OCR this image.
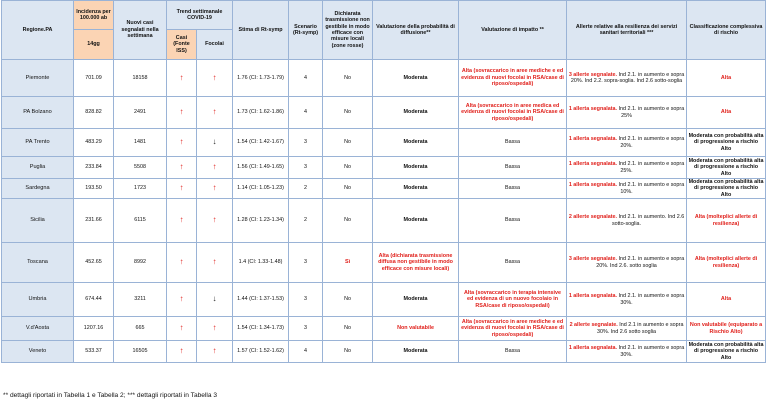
Regione.PA	Incidenza per 100.000 ab	Nuovi casi segnalati nella settimana	Trend settimanale COVID-19		Stima di Rt-symp	Scenario (Rt-symp)	Dichiarata trasmissione non gestibile in modo efficace con misure locali (zone rosse)	Valutazione della probabilità di diffusione**	Valutazione di impatto **	Allerte relative alla resilienza dei servizi sanitari territoriali ***	Classificazione complessiva di rischio
	14gg		Casi (Fonte ISS)	Focolai							
Piemonte	701.09	18158	↑	↑	1.76 (CI: 1.73-1.79)	4	No	Moderata	Alta (sovraccarico in aree mediche e ed evidenza di nuovi focolai in RSA/case di riposo/ospedali)	3 allerte segnalate. Ind 2.1. in aumento e sopra 20%. Ind 2.2. sopra-soglia. Ind 2.6 sotto-soglia	Alta
PA Bolzano	828.82	2491	↑	↑	1.73 (CI: 1.62-1.86)	4	No	Moderata	Alta (sovraccarico in aree medica ed evidenza di nuovi focolai in RSA/case di riposo/ospedali)	1 allerta segnalata. Ind 2.1. in aumento e sopra 25%	Alta
PA Trento	483.29	1481	↑	↓	1.54 (CI: 1.42-1.67)	3	No	Moderata	Bassa	1 allerta segnalata. Ind 2.1. in aumento e sopra 20%.	Moderata con probabilità alta di progressione a rischio Alto
Puglia	233.84	5508	↑	↑	1.56 (CI: 1.49-1.65)	3	No	Moderata	Bassa	1 allerta segnalata. Ind 2.1. in aumento e sopra 25%.	Moderata con probabilità alta di progressione a rischio Alto
Sardegna	193.50	1723	↑	↑	1.14 (CI: 1.05-1.23)	2	No	Moderata	Bassa	1 allerta segnalata. Ind 2.1. in aumento e sopra 10%.	Moderata con probabilità alta di progressione a rischio Alto
Sicilia	231.66	6115	↑	↑	1.28 (CI: 1.23-1.34)	2	No	Moderata	Bassa	2 allerte segnalate. Ind 2.1. in aumento. Ind 2.6 sotto-soglia.	Alta (molteplici allerte di resilienza)
Toscana	452.65	8992	↑	↑	1.4 (CI: 1.33-1.48)	3	Sì	Alta (dichiarata trasmissione diffusa non gestibile in modo efficace con misure locali)	Bassa	3 allerte segnalate. Ind 2.1. in aumento e sopra 20%. Ind 2.6. sotto soglia	Alta (molteplici allerte di resilienza)
Umbria	674.44	3211	↑	↓	1.44 (CI: 1.37-1.53)	3	No	Moderata	Alta (sovraccarico in terapia intensive ed evidenza di un nuovo focolaio in RSA/case di riposo/ospedali)	1 allerta segnalata. Ind 2.1. in aumento e sopra 30%.	Alta
V.d'Aosta	1207.16	665	↑	↑	1.54 (CI: 1.34-1.73)	3	No	Non valutabile	Alta (sovraccarico in aree mediche e ed evidenza di nuovi focolai in RSA/case di riposo/ospedali)	2 allerte segnalate. Ind 2.1 in aumento e sopra 30%. Ind 2.6 sotto soglia	Non valutabile (equiparato a Rischio Alto)
Veneto	533.37	16505	↑	↑	1.57 (CI: 1.52-1.62)	4	No	Moderata	Bassa	1 allerta segnalata. Ind 2.1. in aumento e sopra 30%.	Moderata con probabilità alta di progressione a rischio Alto
** dettagli riportati in Tabella 1 e Tabella 2; *** dettagli riportati in Tabella 3
